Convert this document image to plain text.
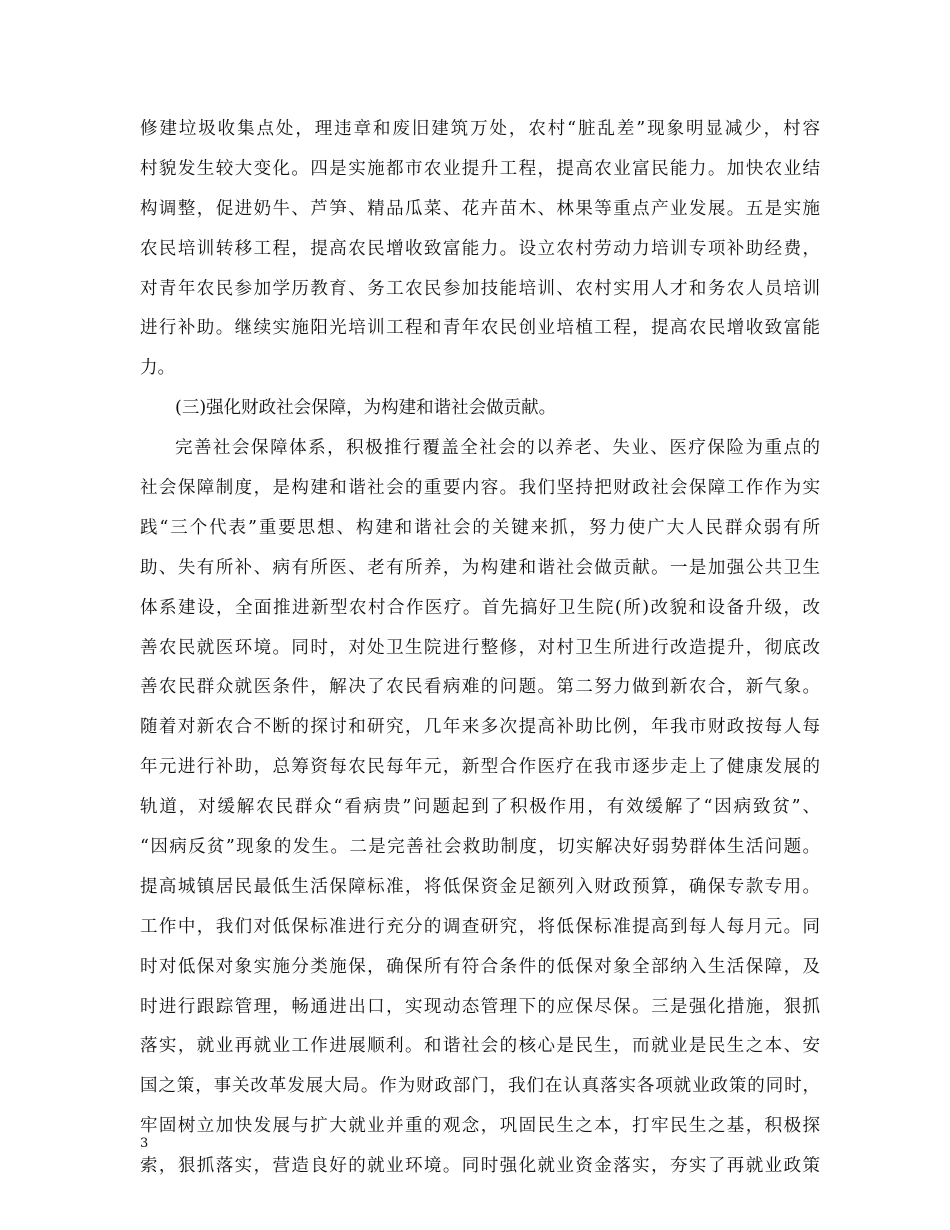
修建垃圾收集点处，理违章和废旧建筑万处，农村“脏乱差”现象明显减少，村容
村貌发生较大变化。四是实施都市农业提升工程，提高农业富民能力。加快农业结
构调整，促进奶牛、芦笋、精品瓜菜、花卉苗木、林果等重点产业发展。五是实施
农民培训转移工程，提高农民增收致富能力。设立农村劳动力培训专项补助经费，
对青年农民参加学历教育、务工农民参加技能培训、农村实用人才和务农人员培训
进行补助。继续实施阳光培训工程和青年农民创业培植工程，提高农民增收致富能
力。
(三)强化财政社会保障，为构建和谐社会做贡献。
完善社会保障体系，积极推行覆盖全社会的以养老、失业、医疗保险为重点的
社会保障制度，是构建和谐社会的重要内容。我们坚持把财政社会保障工作作为实
践“三个代表”重要思想、构建和谐社会的关键来抓，努力使广大人民群众弱有所
助、失有所补、病有所医、老有所养，为构建和谐社会做贡献。一是加强公共卫生
体系建设，全面推进新型农村合作医疗。首先搞好卫生院(所)改貌和设备升级，改
善农民就医环境。同时，对处卫生院进行整修，对村卫生所进行改造提升，彻底改
善农民群众就医条件，解决了农民看病难的问题。第二努力做到新农合，新气象。
随着对新农合不断的探讨和研究，几年来多次提高补助比例，年我市财政按每人每
年元进行补助，总筹资每农民每年元，新型合作医疗在我市逐步走上了健康发展的
轨道，对缓解农民群众“看病贵”问题起到了积极作用，有效缓解了“因病致贫”、
“因病反贫”现象的发生。二是完善社会救助制度，切实解决好弱势群体生活问题。
提高城镇居民最低生活保障标准，将低保资金足额列入财政预算，确保专款专用。
工作中，我们对低保标准进行充分的调查研究，将低保标准提高到每人每月元。同
时对低保对象实施分类施保，确保所有符合条件的低保对象全部纳入生活保障，及
时进行跟踪管理，畅通进出口，实现动态管理下的应保尽保。三是强化措施，狠抓
落实，就业再就业工作进展顺利。和谐社会的核心是民生，而就业是民生之本、安
国之策，事关改革发展大局。作为财政部门，我们在认真落实各项就业政策的同时，
牢固树立加快发展与扩大就业并重的观念，巩固民生之本，打牢民生之基，积极探
索，狠抓落实，营造良好的就业环境。同时强化就业资金落实，夯实了再就业政策
3
